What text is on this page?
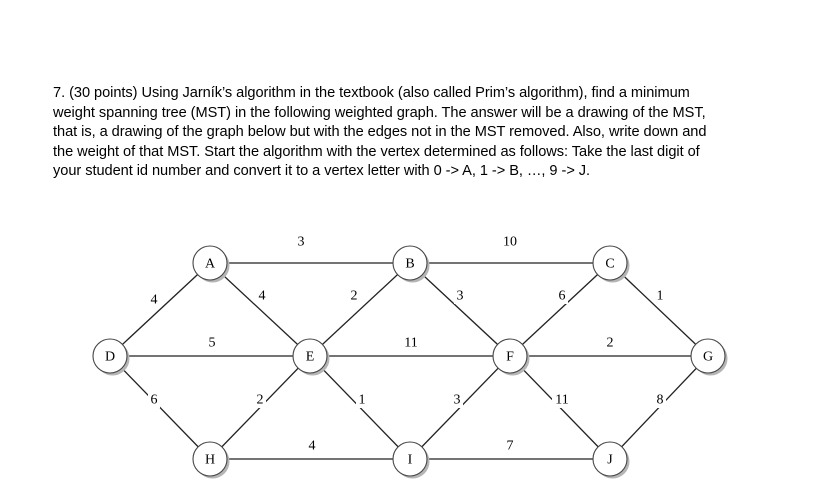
7. (30 points) Using Jarník’s algorithm in the textbook (also called Prim’s algorithm), find a minimum
weight spanning tree (MST) in the following weighted graph. The answer will be a drawing of the MST,
that is, a drawing of the graph below but with the edges not in the MST removed. Also, write down and
the weight of that MST. Start the algorithm with the vertex determined as follows: Take the last digit of
your student id number and convert it to a vertex letter with 0 -> A, 1 -> B, …, 9 -> J.
3	10
4	4	2	3	6	1
5	11	2
6	2	1	3	11	8
4	7
A	B	C
D	E	F	G
H	I	J
